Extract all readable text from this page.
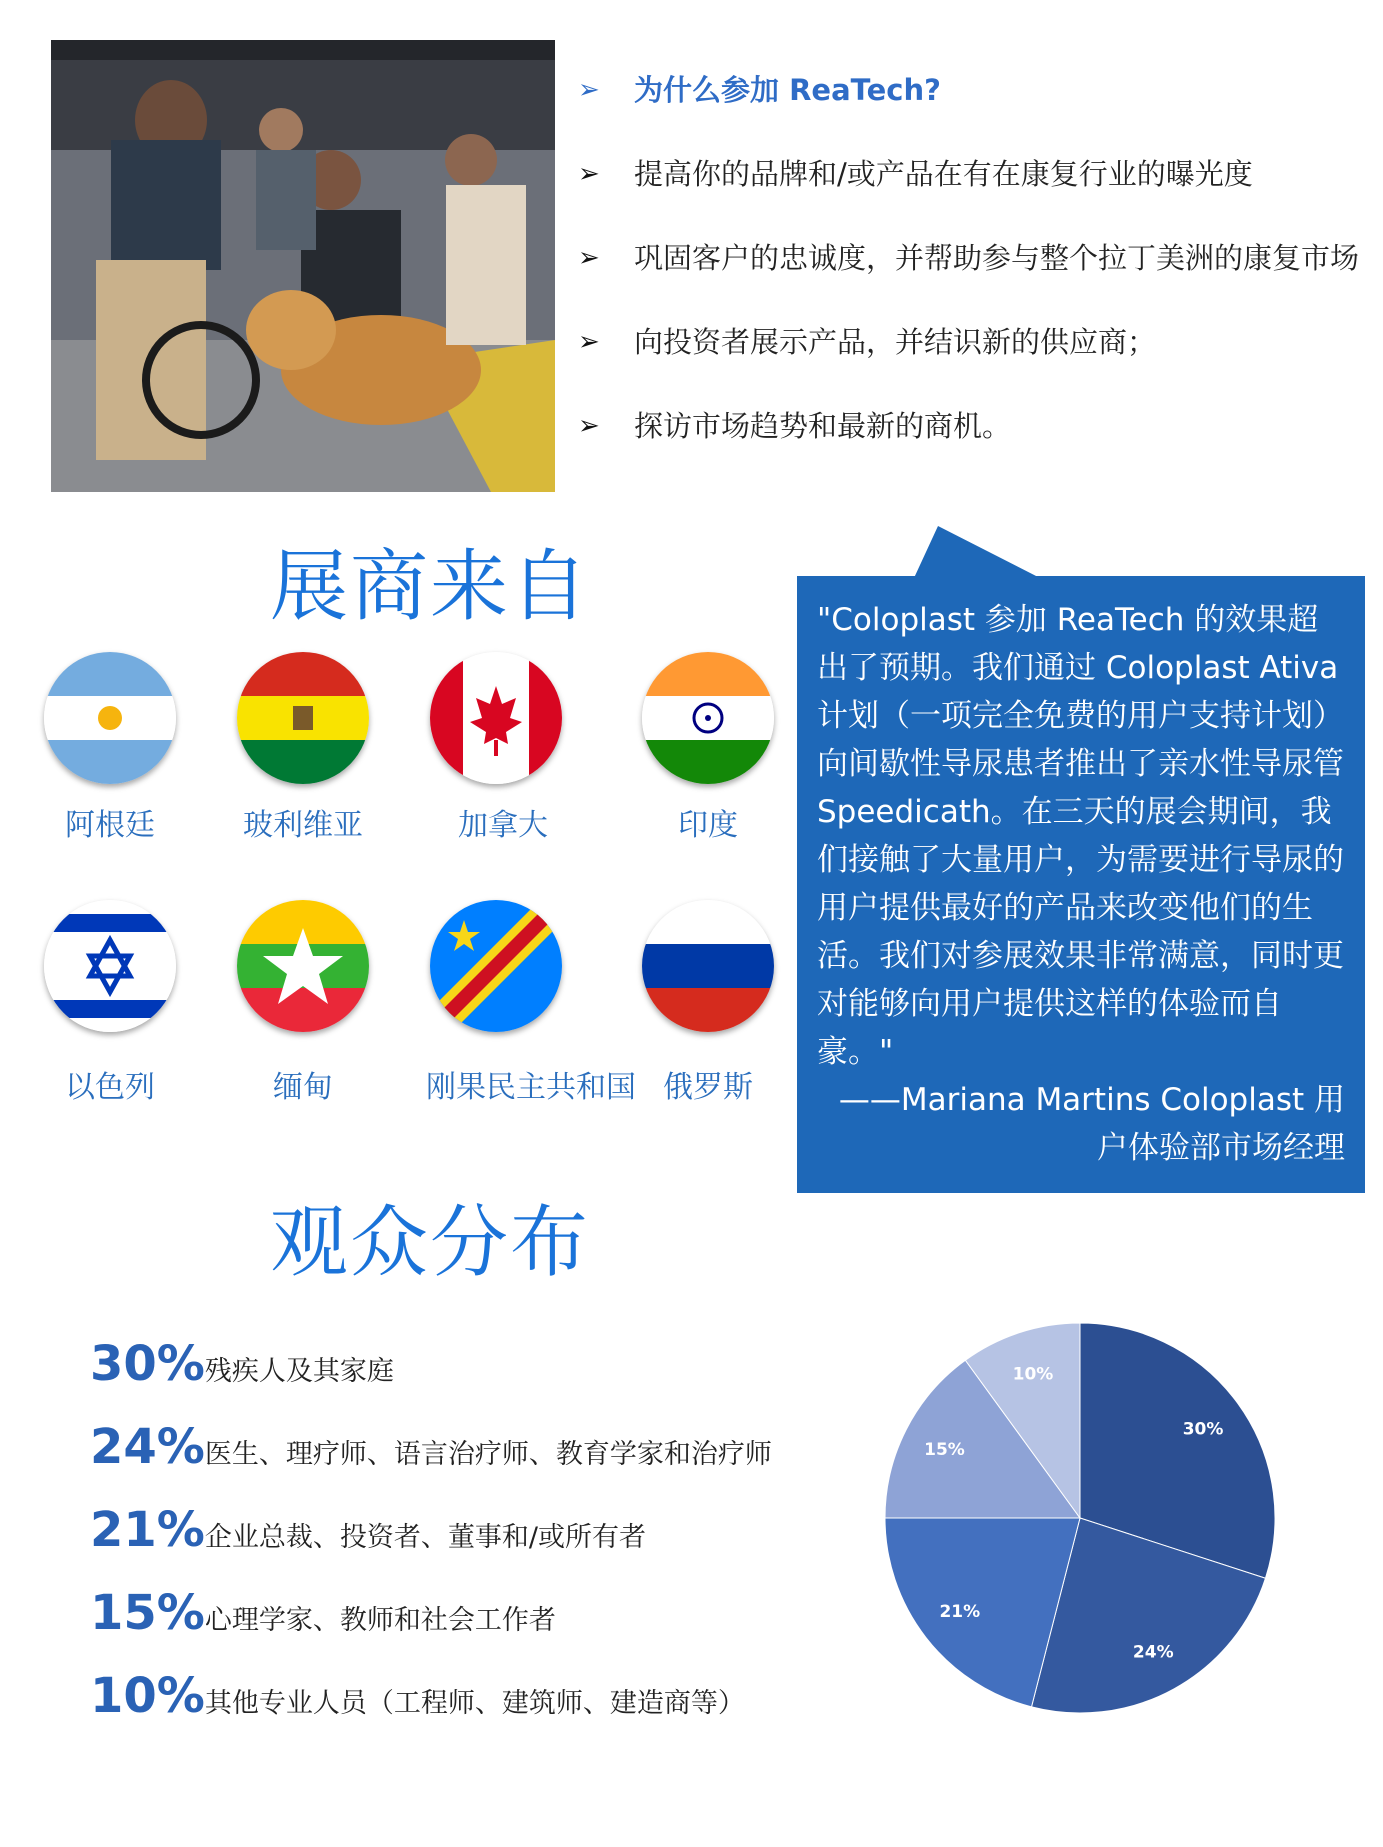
➢ 为什么参加 ReaTech?
➢ 提高你的品牌和/或产品在有在康复行业的曝光度
➢ 巩固客户的忠诚度，并帮助参与整个拉丁美洲的康复市场
➢ 向投资者展示产品，并结识新的供应商；
➢ 探访市场趋势和最新的商机。
展商来自
阿根廷	玻利维亚	加拿大	印度
以色列	缅甸	刚果民主共和国 俄罗斯
"Coloplast 参加 ReaTech 的效果超出了预期。我们通过 Coloplast Ativa 计划（一项完全免费的用户支持计划）向间歇性导尿患者推出了亲水性导尿管 Speedicath。在三天的展会期间，我们接触了大量用户，为需要进行导尿的用户提供最好的产品来改变他们的生活。我们对参展效果非常满意，同时更对能够向用户提供这样的体验而自豪。"
——Mariana Martins Coloplast 用户体验部市场经理
观众分布
30%残疾人及其家庭
24%医生、理疗师、语言治疗师、教育学家和治疗师
21%企业总裁、投资者、董事和/或所有者
15%心理学家、教师和社会工作者
10%其他专业人员（工程师、建筑师、建造商等）
30%
24%
21%
15%
10%
